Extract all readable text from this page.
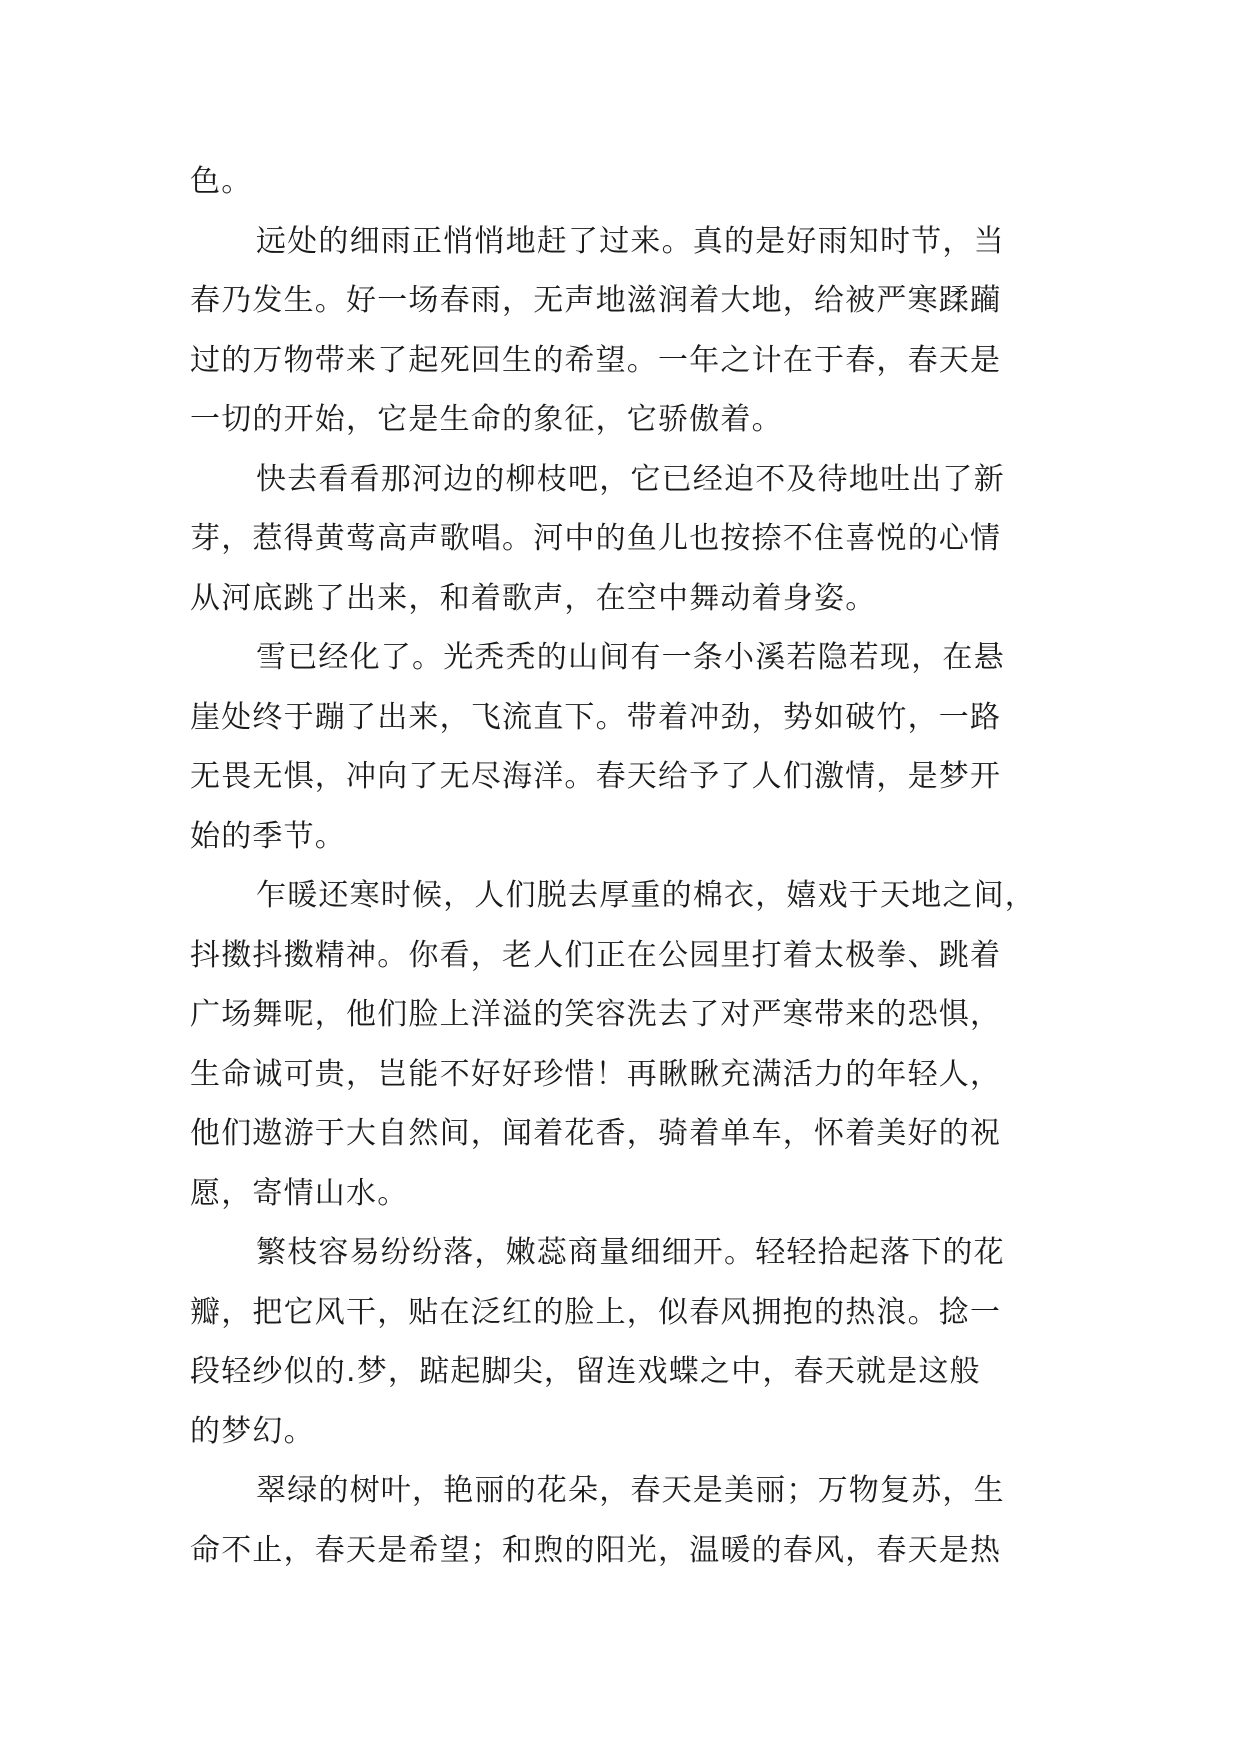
色。
远处的细雨正悄悄地赶了过来。真的是好雨知时节，当
春乃发生。好一场春雨，无声地滋润着大地，给被严寒蹂躏
过的万物带来了起死回生的希望。一年之计在于春，春天是
一切的开始，它是生命的象征，它骄傲着。
快去看看那河边的柳枝吧，它已经迫不及待地吐出了新
芽，惹得黄莺高声歌唱。河中的鱼儿也按捺不住喜悦的心情
从河底跳了出来，和着歌声，在空中舞动着身姿。
雪已经化了。光秃秃的山间有一条小溪若隐若现，在悬
崖处终于蹦了出来，飞流直下。带着冲劲，势如破竹，一路
无畏无惧，冲向了无尽海洋。春天给予了人们激情，是梦开
始的季节。
乍暖还寒时候，人们脱去厚重的棉衣，嬉戏于天地之间，
抖擞抖擞精神。你看，老人们正在公园里打着太极拳、跳着
广场舞呢，他们脸上洋溢的笑容洗去了对严寒带来的恐惧，
生命诚可贵，岂能不好好珍惜！再瞅瞅充满活力的年轻人，
他们遨游于大自然间，闻着花香，骑着单车，怀着美好的祝
愿，寄情山水。
繁枝容易纷纷落，嫩蕊商量细细开。轻轻拾起落下的花
瓣，把它风干，贴在泛红的脸上，似春风拥抱的热浪。捻一
段轻纱似的.梦，踮起脚尖，留连戏蝶之中，春天就是这般
的梦幻。
翠绿的树叶，艳丽的花朵，春天是美丽；万物复苏，生
命不止，春天是希望；和煦的阳光，温暖的春风，春天是热
